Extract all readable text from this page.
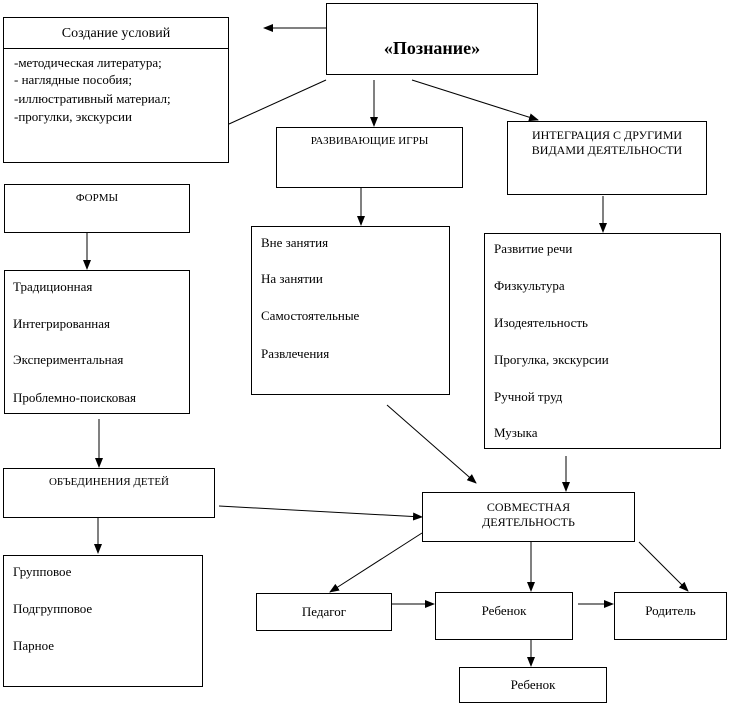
«Познание»
Создание условий
-методическая литература;
- наглядные пособия;
-иллюстративный материал;
-прогулки, экскурсии
РАЗВИВАЮЩИЕ ИГРЫ	ИНТЕГРАЦИЯ С ДРУГИМИ
ВИДАМИ ДЕЯТЕЛЬНОСТИ
ФОРМЫ
Вне занятия
На занятии
Самостоятельные
Развлечения
Развитие речи
Физкультура
Изодеятельность
Прогулка, экскурсии
Ручной труд
Музыка
Традиционная
Интегрированная
Экспериментальная
Проблемно-поисковая
ОБЪЕДИНЕНИЯ ДЕТЕЙ
Групповое
Подгрупповое
Парное
СОВМЕСТНАЯ
ДЕЯТЕЛЬНОСТЬ
Педагог	Ребенок	Родитель
Ребенок
